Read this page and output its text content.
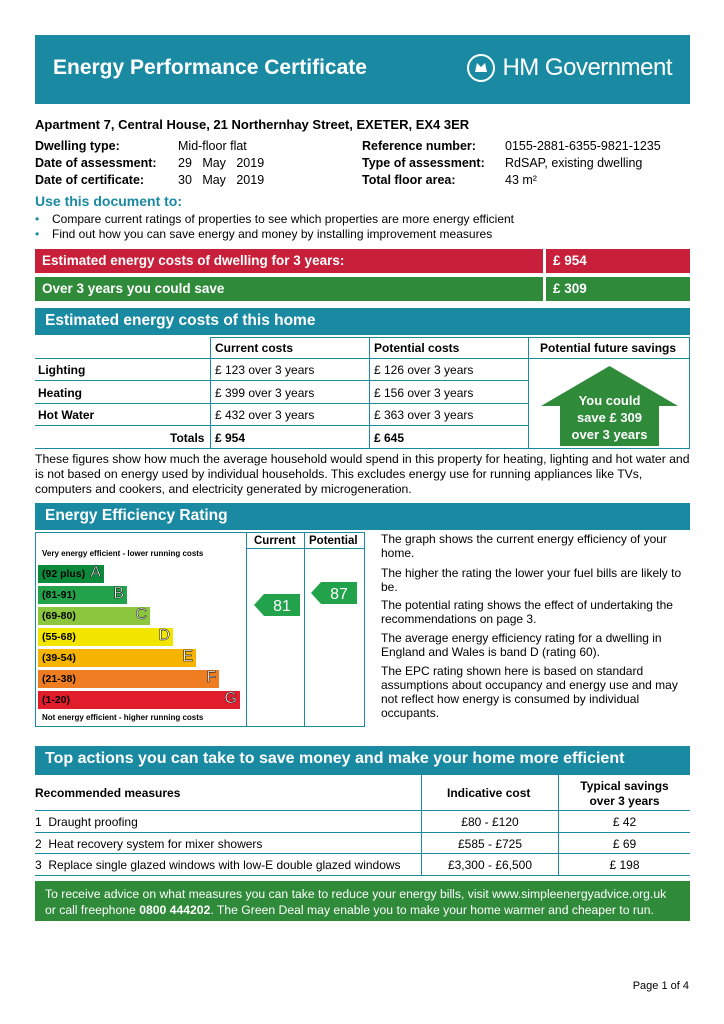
Energy Performance Certificate	HM Government
Apartment 7, Central House, 21 Northernhay Street, EXETER, EX4 3ER
Dwelling type:	Mid-floor flat
Date of assessment: 29   May   2019
Date of certificate:	30   May   2019
Reference number: 0155-2881-6355-9821-1235
Type of assessment: RdSAP, existing dwelling
Total floor area:	43 m²
Use this document to:
• Compare current ratings of properties to see which properties are more energy efficient
• Find out how you can save energy and money by installing improvement measures
Estimated energy costs of dwelling for 3 years:	£ 954
Over 3 years you could save	£ 309
Estimated energy costs of this home
Current costs	Potential costs	Potential future savings
Lighting	£ 123 over 3 years	£ 126 over 3 years
Heating	£ 399 over 3 years	£ 156 over 3 years
Hot Water	£ 432 over 3 years	£ 363 over 3 years
Totals £ 954	£ 645
You could
save £ 309
over 3 years
These figures show how much the average household would spend in this property for heating, lighting and hot water and is not based on energy used by individual households. This excludes energy use for running appliances like TVs, computers and cookers, and electricity generated by microgeneration.
Energy Efficiency Rating
Current Potential
Very energy efficient - lower running costs
Not energy efficient - higher running costs
(92 plus) A
(81-91) B
(69-80)	C
(55-68)	D
(39-54)	E
(21-38)	F
(1-20)	G
81
87
The graph shows the current energy efficiency of your home.
The higher the rating the lower your fuel bills are likely to be.
The potential rating shows the effect of undertaking the recommendations on page 3.
The average energy efficiency rating for a dwelling in England and Wales is band D (rating 60).
The EPC rating shown here is based on standard assumptions about occupancy and energy use and may not reflect how energy is consumed by individual occupants.
Top actions you can take to save money and make your home more efficient
Recommended measures	Indicative cost	Typical savings
over 3 years
1 Draught proofing	£80 - £120	£ 42
2 Heat recovery system for mixer showers	£585 - £725	£ 69
3 Replace single glazed windows with low-E double glazed windows	£3,300 - £6,500	£ 198
To receive advice on what measures you can take to reduce your energy bills, visit www.simpleenergyadvice.org.uk or call freephone 0800 444202. The Green Deal may enable you to make your home warmer and cheaper to run.
Page 1 of 4
